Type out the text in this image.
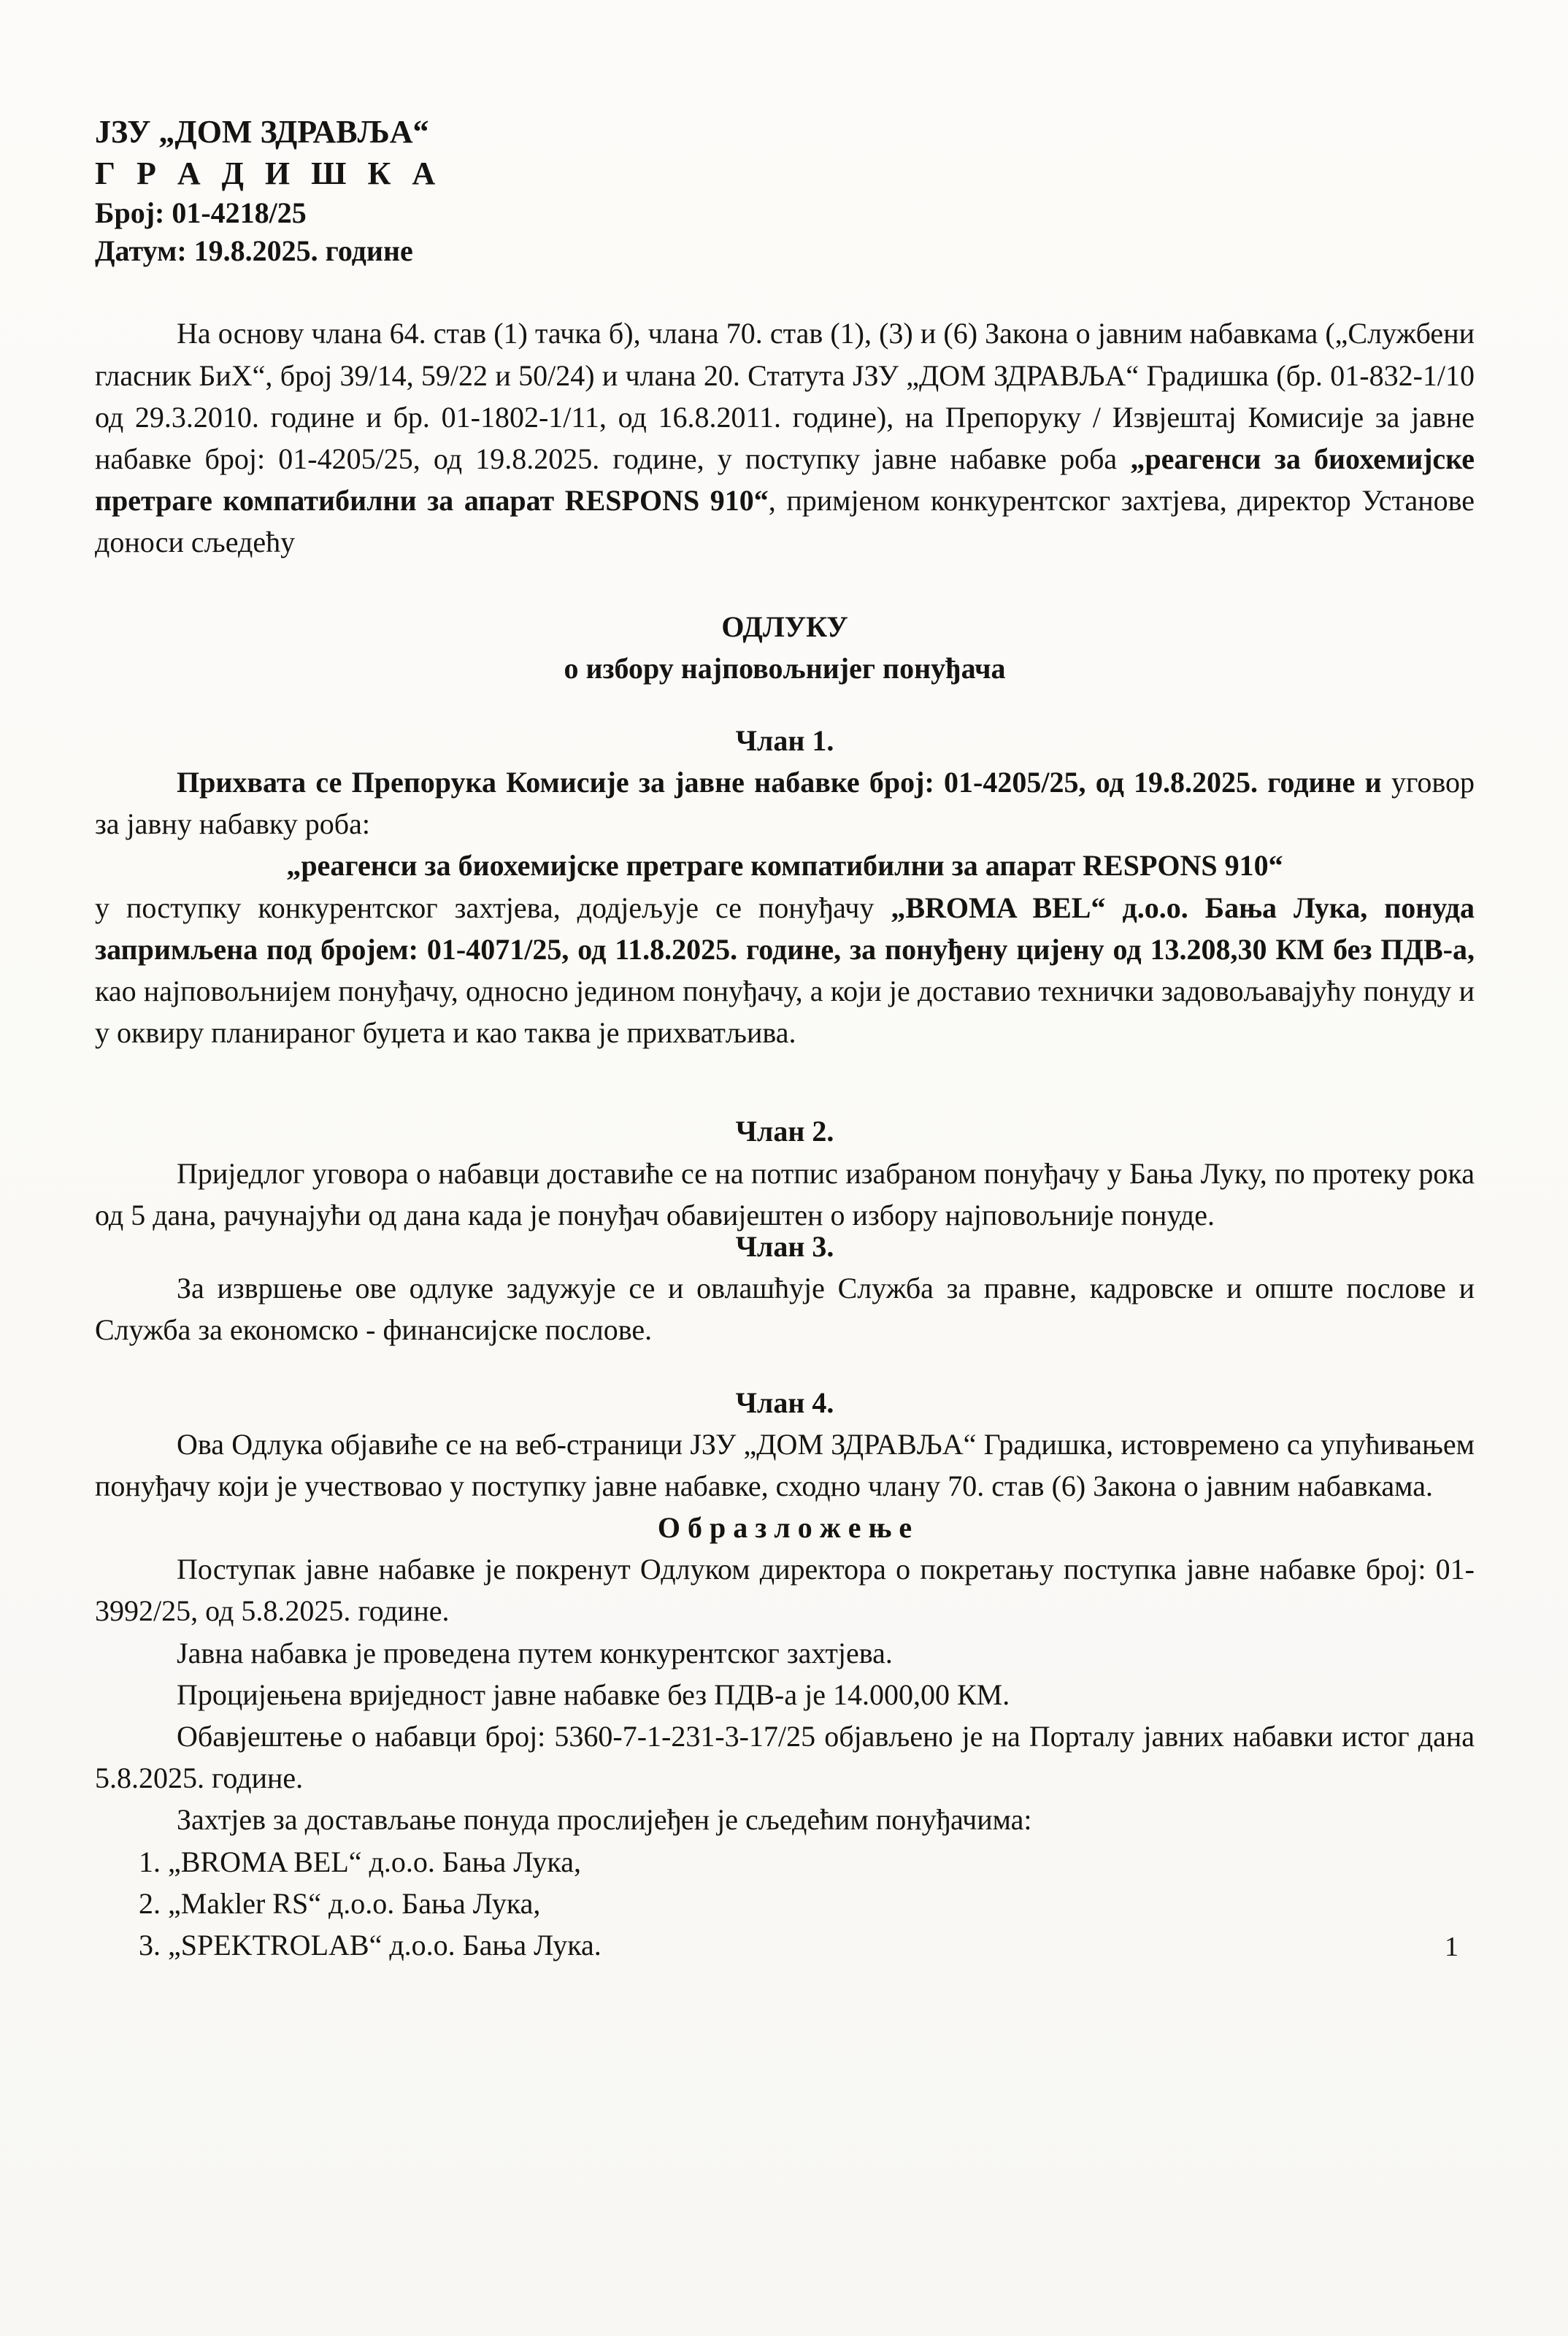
ЈЗУ „ДОМ ЗДРАВЉА“
Г Р А Д И Ш К А
Број: 01-4218/25
Датум: 19.8.2025. године

На основу члана 64. став (1) тачка б), члана 70. став (1), (3) и (6) Закона о јавним набавкама („Службени гласник БиХ“, број 39/14, 59/22 и 50/24) и члана 20. Статута ЈЗУ „ДОМ ЗДРАВЉА“ Градишка (бр. 01-832-1/10 од 29.3.2010. године и бр. 01-1802-1/11, од 16.8.2011. године), на Препоруку / Извјештај Комисије за јавне набавке број: 01-4205/25, од 19.8.2025. године, у поступку јавне набавке роба „реагенси за биохемијске претраге компатибилни за апарат RESPONS 910“, примјеном конкурентског захтјева, директор Установе доноси сљедећу

ОДЛУКУ
о избору најповољнијег понуђача
Члан 1.

Прихвата се Препорука Комисије за јавне набавке број: 01-4205/25, од 19.8.2025. године и уговор за јавну набавку роба:

„реагенси за биохемијске претраге компатибилни за апарат RESPONS 910“

у поступку конкурентског захтјева, додјељује се понуђачу „BROMA BEL“ д.о.о. Бања Лука, понуда запримљена под бројем: 01-4071/25, од 11.8.2025. године, за понуђену цијену од 13.208,30 КМ без ПДВ-а, као најповољнијем понуђачу, односно једином понуђачу, а који је доставио технички задовољавајућу понуду и у оквиру планираног буџета и као таква је прихватљива.

Члан 2.

Приједлог уговора о набавци доставиће се на потпис изабраном понуђачу у Бања Луку, по протеку рока од 5 дана, рачунајући од дана када је понуђач обавијештен о избору најповољније понуде.

Члан 3.

За извршење ове одлуке задужује се и овлашћује Служба за правне, кадровске и опште послове и Служба за економско - финансијске послове.

Члан 4.

Ова Одлука објавиће се на веб-страници ЈЗУ „ДОМ ЗДРАВЉА“ Градишка, истовремено са упућивањем понуђачу који је учествовао у поступку јавне набавке, сходно члану 70. став (6) Закона о јавним набавкама.

О б р а з л о ж е њ е

Поступак јавне набавке је покренут Одлуком директора о покретању поступка јавне набавке број: 01-3992/25, од 5.8.2025. године.

Јавна набавка је проведена путем конкурентског захтјева.

Процијењена вриједност јавне набавке без ПДВ-а је 14.000,00 КМ.

Обавјештење о набавци број: 5360-7-1-231-3-17/25 објављено је на Порталу јавних набавки истог дана 5.8.2025. године.

Захтјев за достављање понуда прослијеђен је сљедећим понуђачима:

1. „BROMA BEL“ д.о.о. Бања Лука,

2. „Makler RS“ д.о.о. Бања Лука,

3. „SPEKTROLAB“ д.о.о. Бања Лука.	1
